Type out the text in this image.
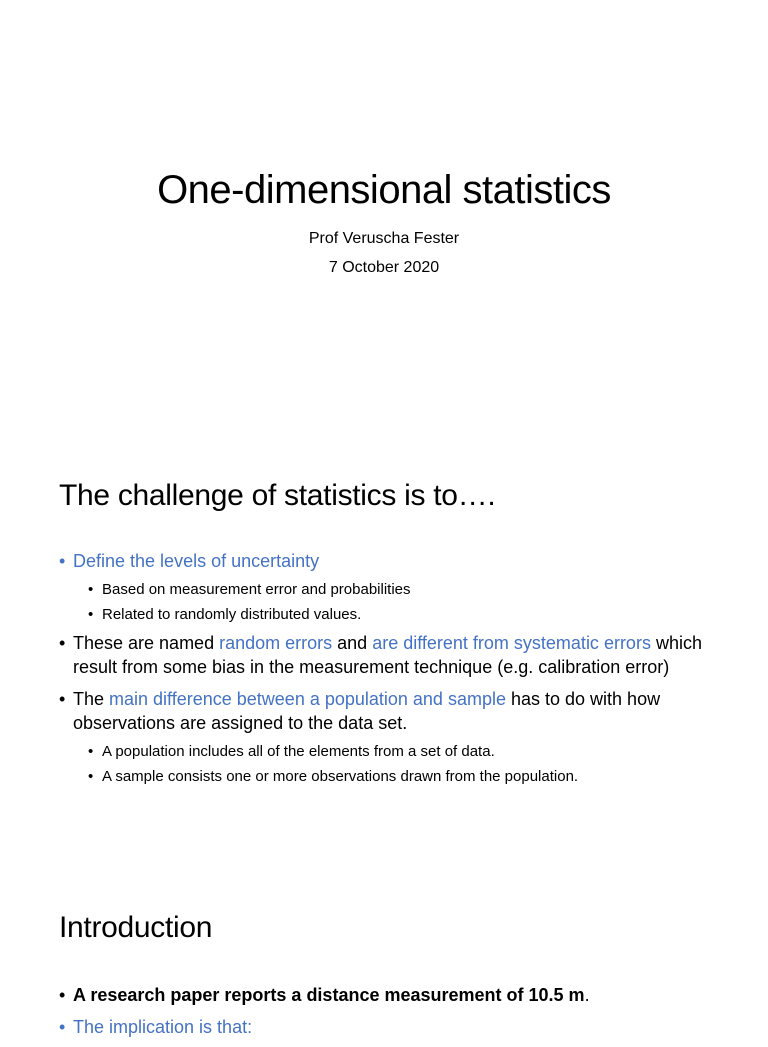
One-dimensional statistics
Prof Veruscha Fester
7 October 2020
The challenge of statistics is to….
• Define the levels of uncertainty
• Based on measurement error and probabilities
• Related to randomly distributed values.
• These are named random errors and are different from systematic errors which result from some bias in the measurement technique (e.g. calibration error)
• The main difference between a population and sample has to do with how observations are assigned to the data set.
• A population includes all of the elements from a set of data.
• A sample consists one or more observations drawn from the population.
Introduction
• A research paper reports a distance measurement of 10.5 m.
• The implication is that:
